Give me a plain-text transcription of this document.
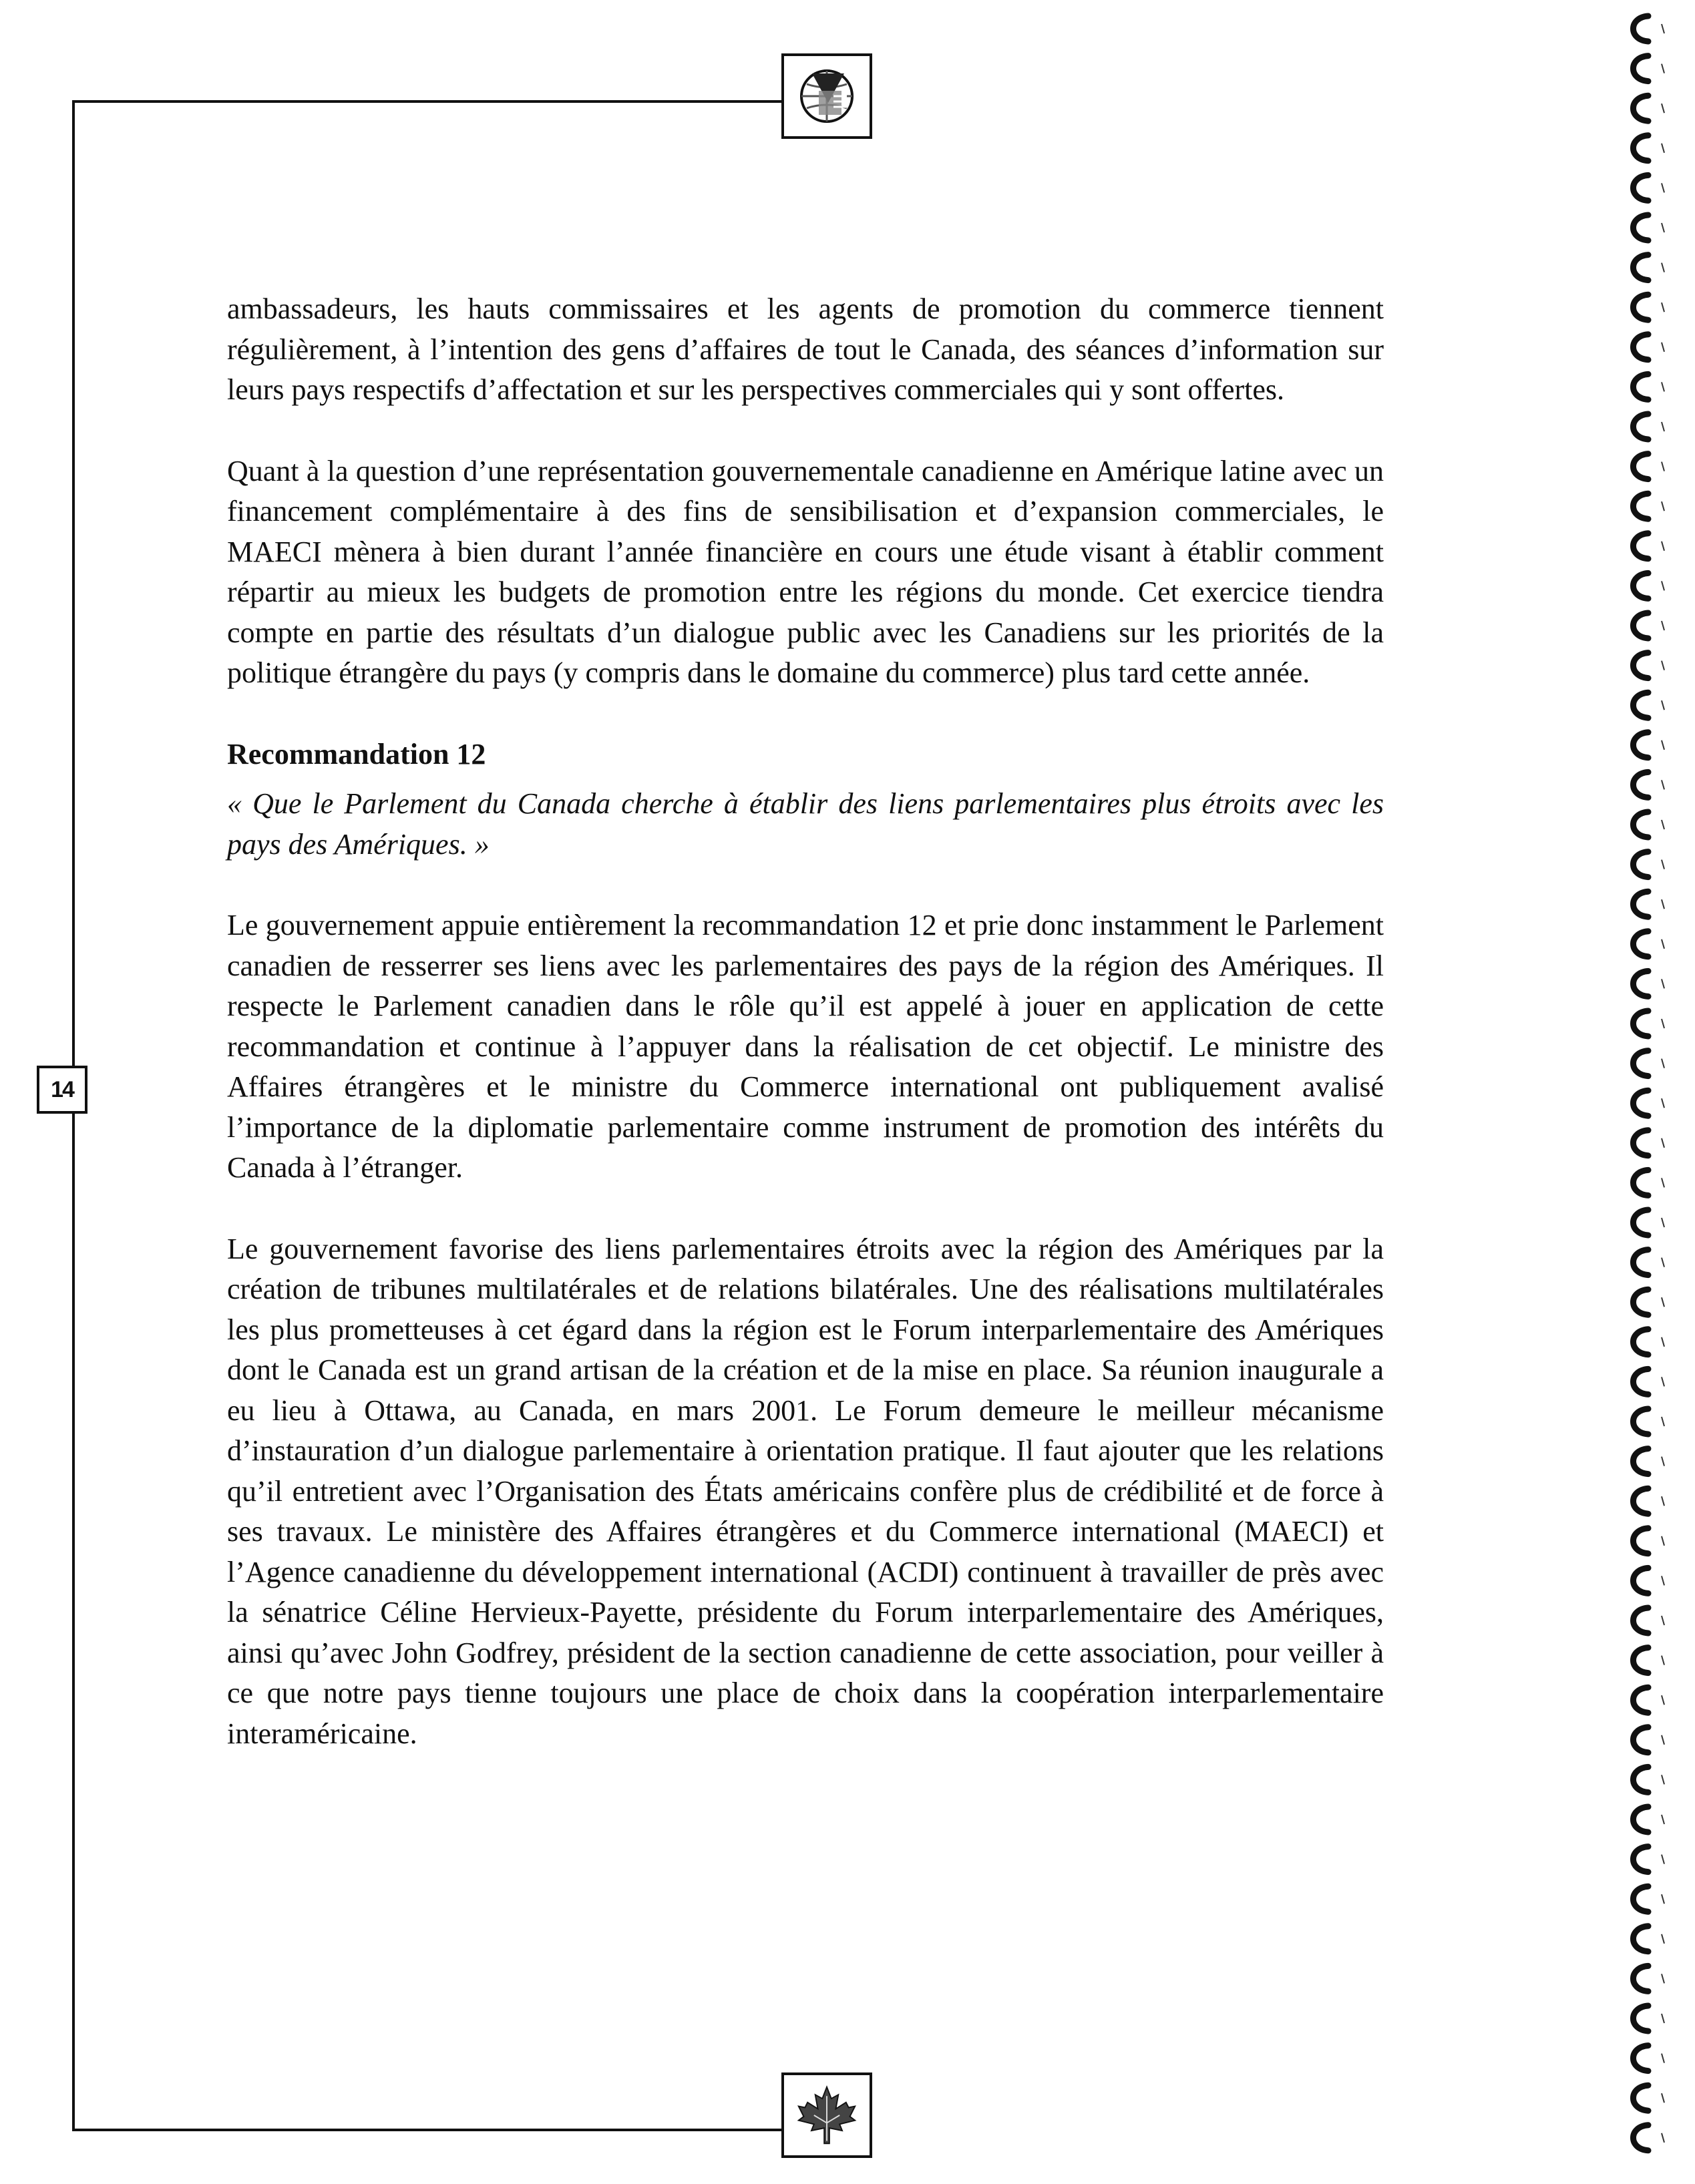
14

ambassadeurs, les hauts commissaires et les agents de promotion du commerce tiennent régulièrement, à l’intention des gens d’affaires de tout le Canada, des séances d’information sur leurs pays respectifs d’affectation et sur les perspectives commerciales qui y sont offertes.

Quant à la question d’une représentation gouvernementale canadienne en Amérique latine avec un financement complémentaire à des fins de sensibilisation et d’expansion commerciales, le MAECI mènera à bien durant l’année financière en cours une étude visant à établir comment répartir au mieux les budgets de promotion entre les régions du monde. Cet exercice tiendra compte en partie des résultats d’un dialogue public avec les Canadiens sur les priorités de la politique étrangère du pays (y compris dans le domaine du commerce) plus tard cette année.

Recommandation 12

« Que le Parlement du Canada cherche à établir des liens parlementaires plus étroits avec les pays des Amériques. »

Le gouvernement appuie entièrement la recommandation 12 et prie donc instamment le Parlement canadien de resserrer ses liens avec les parlementaires des pays de la région des Amériques. Il respecte le Parlement canadien dans le rôle qu’il est appelé à jouer en application de cette recommandation et continue à l’appuyer dans la réalisation de cet objectif. Le ministre des Affaires étrangères et le ministre du Commerce international ont publiquement avalisé l’importance de la diplomatie parlementaire comme instrument de promotion des intérêts du Canada à l’étranger.

Le gouvernement favorise des liens parlementaires étroits avec la région des Amériques par la création de tribunes multilatérales et de relations bilatérales. Une des réalisations multilatérales les plus prometteuses à cet égard dans la région est le Forum interparlementaire des Amériques dont le Canada est un grand artisan de la création et de la mise en place. Sa réunion inaugurale a eu lieu à Ottawa, au Canada, en mars 2001. Le Forum demeure le meilleur mécanisme d’instauration d’un dialogue parlementaire à orientation pratique. Il faut ajouter que les relations qu’il entretient avec l’Organisation des États américains confère plus de crédibilité et de force à ses travaux. Le ministère des Affaires étrangères et du Commerce international (MAECI) et l’Agence canadienne du développement international (ACDI) continuent à travailler de près avec la sénatrice Céline Hervieux-Payette, présidente du Forum interparlementaire des Amériques, ainsi qu’avec John Godfrey, président de la section canadienne de cette association, pour veiller à ce que notre pays tienne toujours une place de choix dans la coopération interparlementaire interaméricaine.
